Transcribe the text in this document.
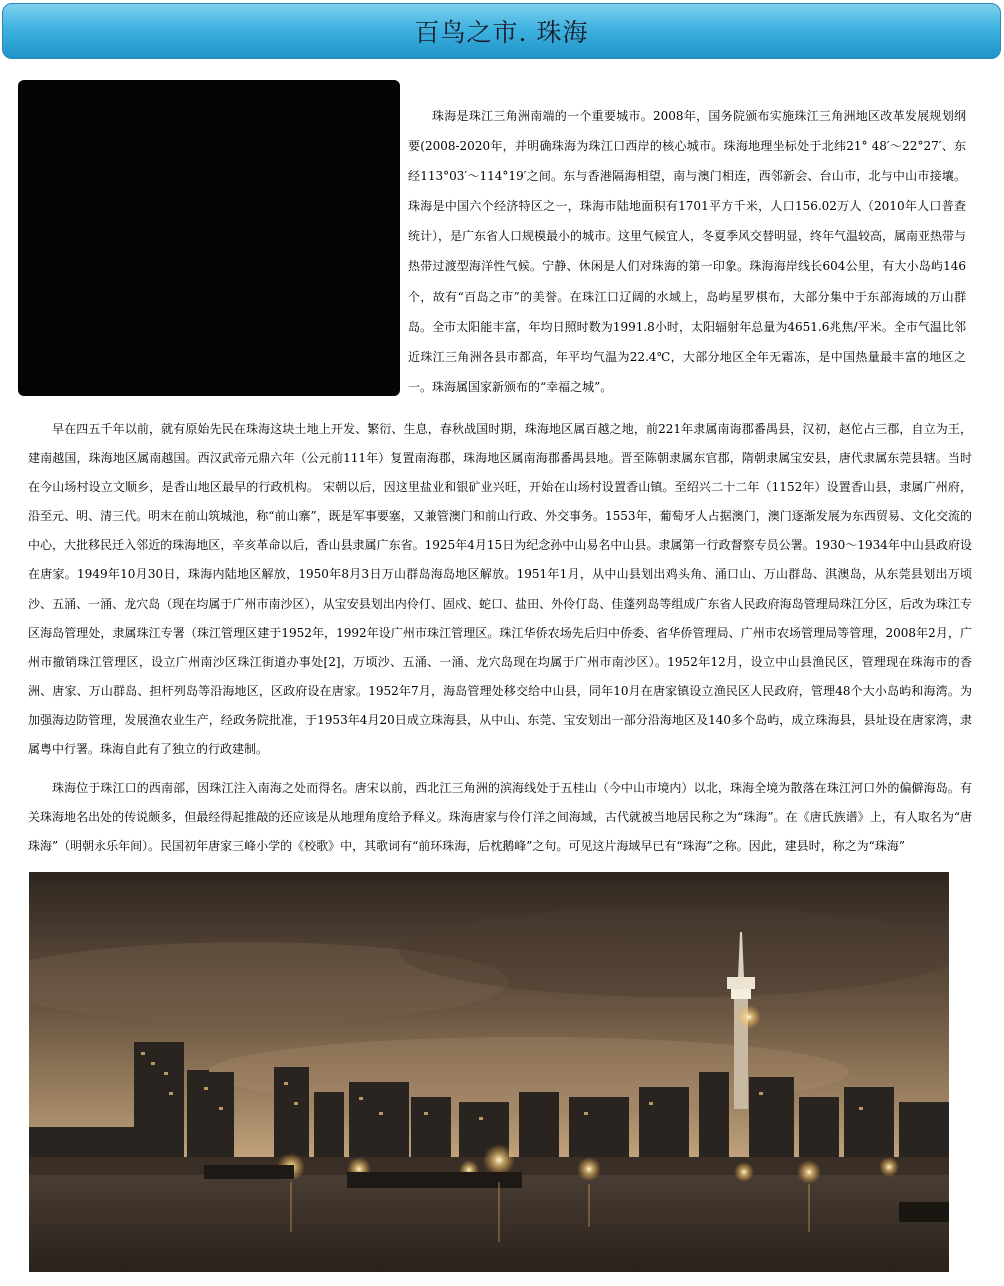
百鸟之市. 珠海

珠海是珠江三角洲南端的一个重要城市。2008年，国务院颁布实施珠江三角洲地区改革发展规划纲要(2008-2020年，并明确珠海为珠江口西岸的核心城市。珠海地理坐标处于北纬21° 48′～22°27′、东经113°03′～114°19′之间。东与香港隔海相望，南与澳门相连，西邻新会、台山市，北与中山市接壤。珠海是中国六个经济特区之一，珠海市陆地面积有1701平方千米，人口156.02万人（2010年人口普查统计），是广东省人口规模最小的城市。这里气候宜人，冬夏季风交替明显，终年气温较高，属南亚热带与热带过渡型海洋性气候。宁静、休闲是人们对珠海的第一印象。珠海海岸线长604公里，有大小岛屿146个，故有“百岛之市”的美誉。在珠江口辽阔的水域上，岛屿星罗棋布，大部分集中于东部海域的万山群岛。全市太阳能丰富，年均日照时数为1991.8小时，太阳辐射年总量为4651.6兆焦/平米。全市气温比邻近珠江三角洲各县市都高，年平均气温为22.4℃，大部分地区全年无霜冻，是中国热量最丰富的地区之一。珠海属国家新颁布的“幸福之城”。

早在四五千年以前，就有原始先民在珠海这块土地上开发、繁衍、生息，春秋战国时期，珠海地区属百越之地，前221年隶属南诲郡番禺县，汉初，赵佗占三郡，自立为王，建南越国，珠海地区属南越国。西汉武帝元鼎六年（公元前111年）复置南海郡，珠海地区属南海郡番禺县地。晋至陈朝隶属东官郡，隋朝隶属宝安县，唐代隶属东莞县辖。当时在今山场村设立文顺乡，是香山地区最早的行政机构。 宋朝以后，因这里盐业和银矿业兴旺，开始在山场村设置香山镇。至绍兴二十二年（1152年）设置香山县，隶属广州府，沿至元、明、清三代。明末在前山筑城池，称“前山寨”，既是军事要塞，又兼管澳门和前山行政、外交事务。1553年，葡萄牙人占据澳门，澳门逐渐发展为东西贸易、文化交流的中心，大批移民迁入邻近的珠海地区，辛亥革命以后，香山县隶属广东省。1925年4月15日为纪念孙中山易名中山县。隶属第一行政督察专员公署。1930～1934年中山县政府设在唐家。1949年10月30日，珠海内陆地区解放，1950年8月3日万山群岛海岛地区解放。1951年1月，从中山县划出鸡头角、涌口山、万山群岛、淇澳岛，从东莞县划出万顷沙、五涌、一涌、龙穴岛（现在均属于广州市南沙区），从宝安县划出内伶仃、固戍、蛇口、盐田、外伶仃岛、佳蓬列岛等组成广东省人民政府海岛管理局珠江分区，后改为珠江专区海岛管理处，隶属珠江专署（珠江管理区建于1952年，1992年设广州市珠江管理区。珠江华侨农场先后归中侨委、省华侨管理局、广州市农场管理局等管理，2008年2月，广州市撤销珠江管理区，设立广州南沙区珠江街道办事处[2]，万顷沙、五涌、一涌、龙穴岛现在均属于广州市南沙区）。1952年12月，设立中山县渔民区，管理现在珠海市的香洲、唐家、万山群岛、担杆列岛等沿海地区，区政府设在唐家。1952年7月，海岛管理处移交给中山县，同年10月在唐家镇设立渔民区人民政府，管理48个大小岛屿和海湾。为加强海边防管理，发展渔农业生产，经政务院批准，于1953年4月20日成立珠海县，从中山、东莞、宝安划出一部分沿海地区及140多个岛屿，成立珠海县，县址设在唐家湾，隶属粤中行署。珠海自此有了独立的行政建制。

珠海位于珠江口的西南部，因珠江注入南海之处而得名。唐宋以前，西北江三角洲的滨海线处于五桂山（今中山市境内）以北，珠海全境为散落在珠江河口外的偏僻海岛。有关珠海地名出处的传说颇多，但最经得起推敲的还应该是从地理角度给予释义。珠海唐家与伶仃洋之间海域，古代就被当地居民称之为“珠海”。在《唐氏族谱》上，有人取名为“唐珠海”（明朝永乐年间）。民国初年唐家三峰小学的《校歌》中，其歌词有“前环珠海，后枕鹅峰”之句。可见这片海域早已有“珠海”之称。因此，建县时，称之为“珠海”
